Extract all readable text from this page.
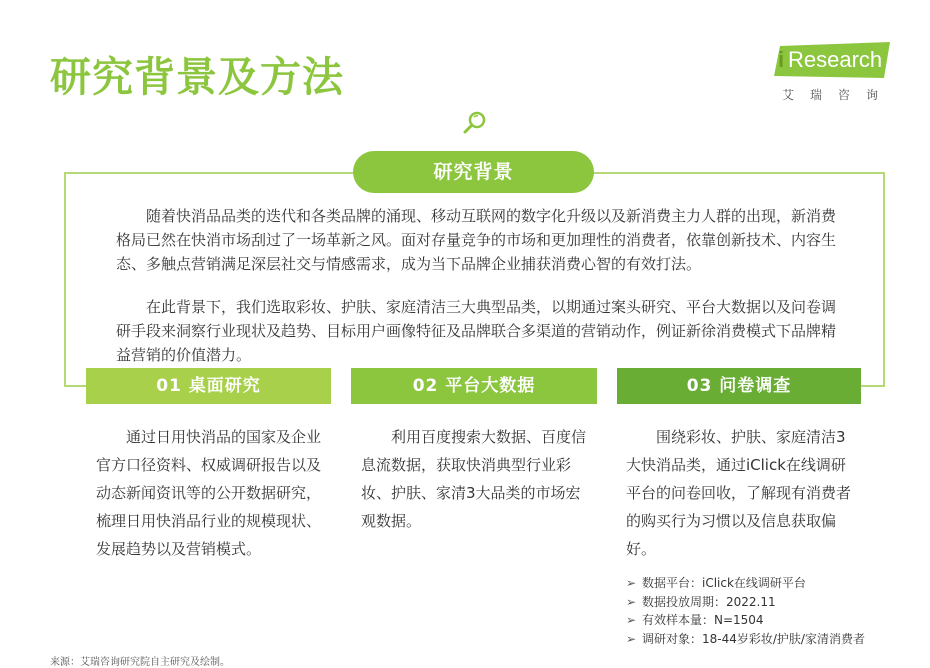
研究背景及方法	i Research
艾瑞咨询
研究背景

随着快消品品类的迭代和各类品牌的涌现、移动互联网的数字化升级以及新消费主力人群的出现，新消费格局已然在快消市场刮过了一场革新之风。面对存量竞争的市场和更加理性的消费者，依靠创新技术、内容生态、多触点营销满足深层社交与情感需求，成为当下品牌企业捕获消费心智的有效打法。

在此背景下，我们选取彩妆、护肤、家庭清洁三大典型品类，以期通过案头研究、平台大数据以及问卷调研手段来洞察行业现状及趋势、目标用户画像特征及品牌联合多渠道的营销动作，例证新徐消费模式下品牌精益营销的价值潜力。

01 桌面研究	02 平台大数据	03 问卷调查

通过日用快消品的国家及企业官方口径资料、权威调研报告以及动态新闻资讯等的公开数据研究，梳理日用快消品行业的规模现状、发展趋势以及营销模式。

利用百度搜索大数据、百度信息流数据，获取快消典型行业彩妆、护肤、家清3大品类的市场宏观数据。

围绕彩妆、护肤、家庭清洁3大快消品类，通过iClick在线调研平台的问卷回收，了解现有消费者的购买行为习惯以及信息获取偏好。

➢ 数据平台：iClick在线调研平台
➢ 数据投放周期：2022.11
➢ 有效样本量：N=1504
➢ 调研对象：18-44岁彩妆/护肤/家清消费者
来源：艾瑞咨询研究院自主研究及绘制。
